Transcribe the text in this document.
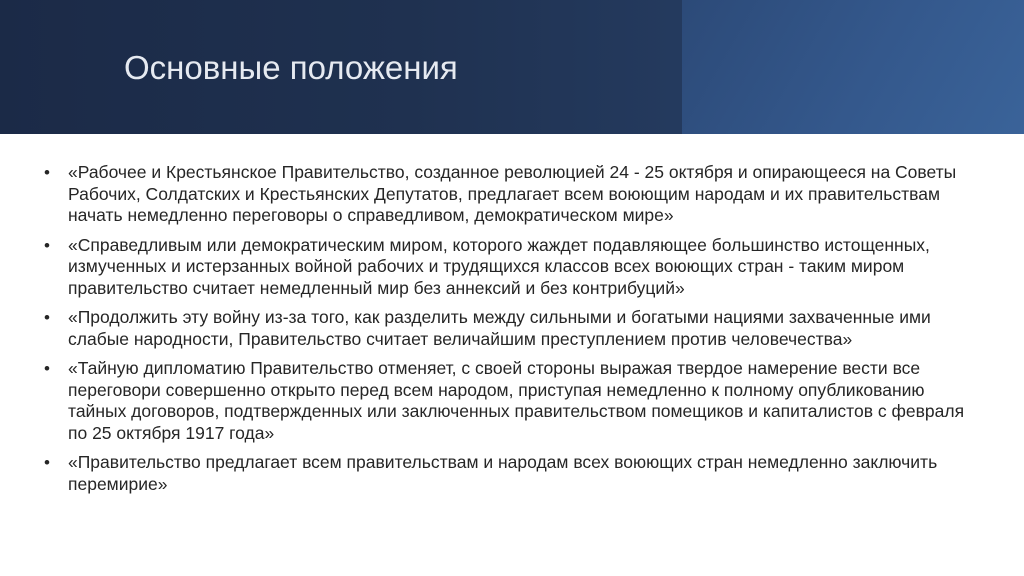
Основные положения
• «Рабочее и Крестьянское Правительство, созданное революцией 24 - 25 октября и опирающееся на Советы Рабочих, Солдатских и Крестьянских Депутатов, предлагает всем воюющим народам и их правительствам начать немедленно переговоры о справедливом, демократическом мире»
• «Справедливым или демократическим миром, которого жаждет подавляющее большинство истощенных, измученных и истерзанных войной рабочих и трудящихся классов всех воюющих стран - таким миром правительство считает немедленный мир без аннексий и без контрибуций»
• «Продолжить эту войну из-за того, как разделить между сильными и богатыми нациями захваченные ими слабые народности, Правительство считает величайшим преступлением против человечества»
• «Тайную дипломатию Правительство отменяет, с своей стороны выражая твердое намерение вести все переговори совершенно открыто перед всем народом, приступая немедленно к полному опубликованию тайных договоров, подтвержденных или заключенных правительством помещиков и капиталистов с февраля по 25 октября 1917 года»
• «Правительство предлагает всем правительствам и народам всех воюющих стран немедленно заключить перемирие»
